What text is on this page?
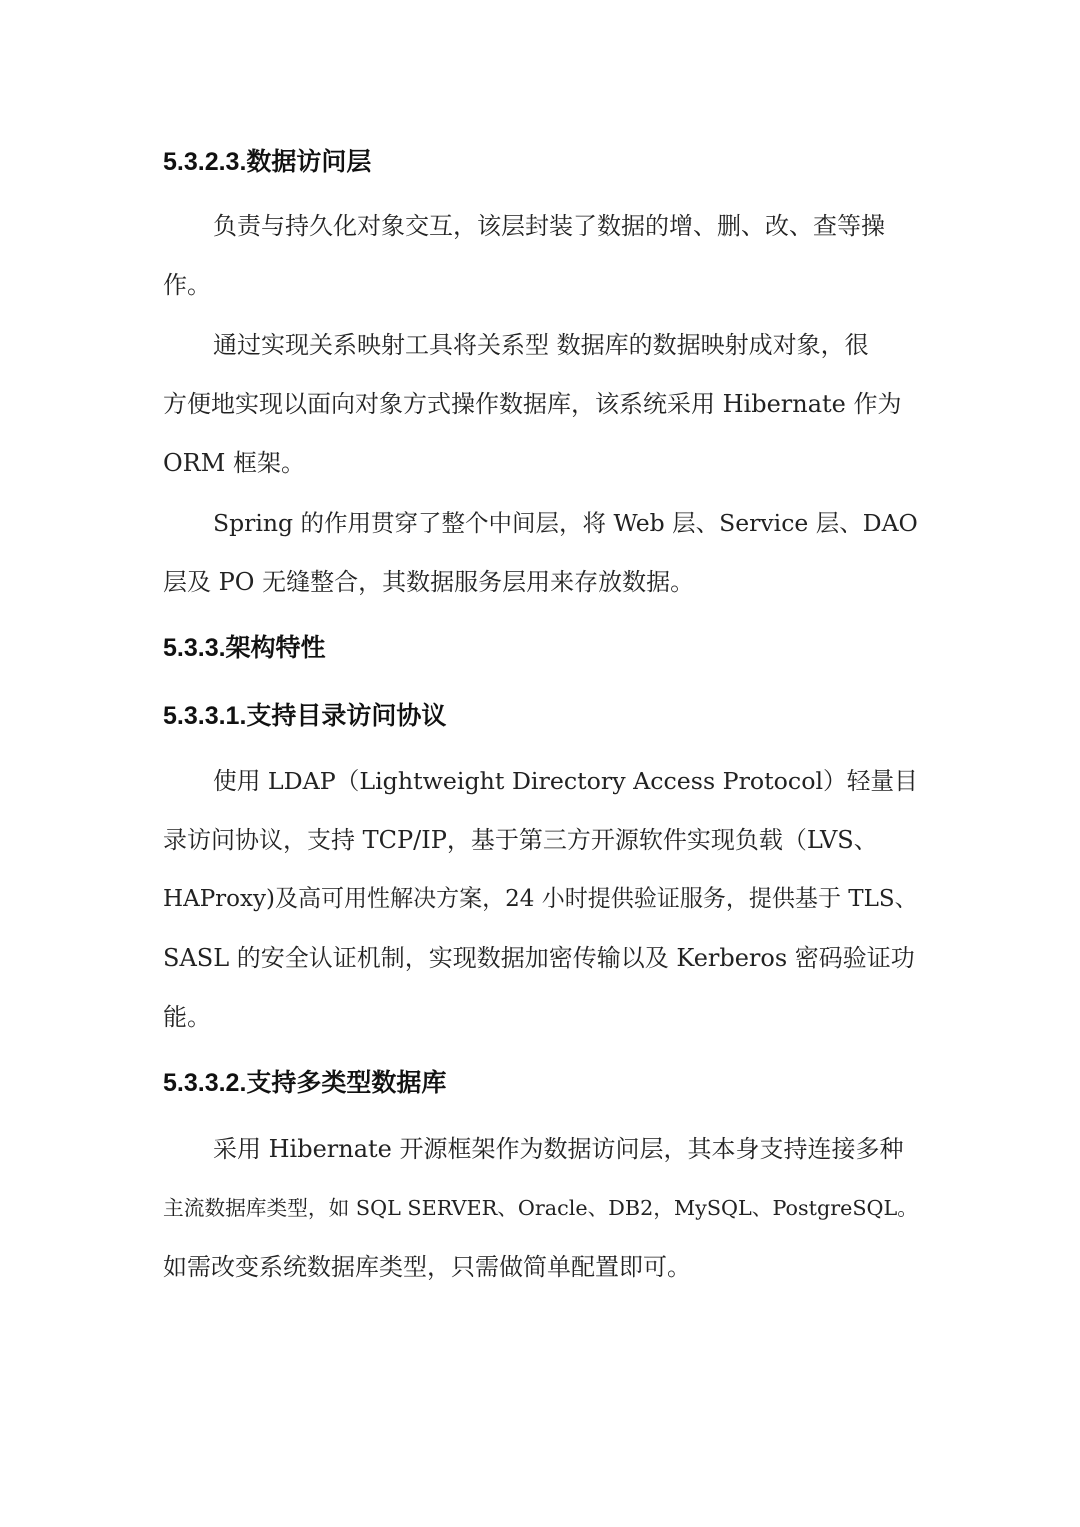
5.3.2.3.数据访问层
负责与持久化对象交互，该层封装了数据的增、删、改、查等操
作。
通过实现关系映射工具将关系型 数据库的数据映射成对象，很
方便地实现以面向对象方式操作数据库，该系统采用 Hibernate 作为
ORM 框架。
Spring 的作用贯穿了整个中间层，将 Web 层、Service 层、DAO
层及 PO 无缝整合，其数据服务层用来存放数据。
5.3.3.架构特性
5.3.3.1.支持目录访问协议
使用 LDAP（Lightweight Directory Access Protocol）轻量目
录访问协议，支持 TCP/IP，基于第三方开源软件实现负载（LVS、
HAProxy)及高可用性解决方案，24 小时提供验证服务，提供基于 TLS、
SASL 的安全认证机制，实现数据加密传输以及 Kerberos 密码验证功
能。
5.3.3.2.支持多类型数据库
采用 Hibernate 开源框架作为数据访问层，其本身支持连接多种
主流数据库类型，如 SQL SERVER、Oracle、DB2，MySQL、PostgreSQL。
如需改变系统数据库类型，只需做简单配置即可。
